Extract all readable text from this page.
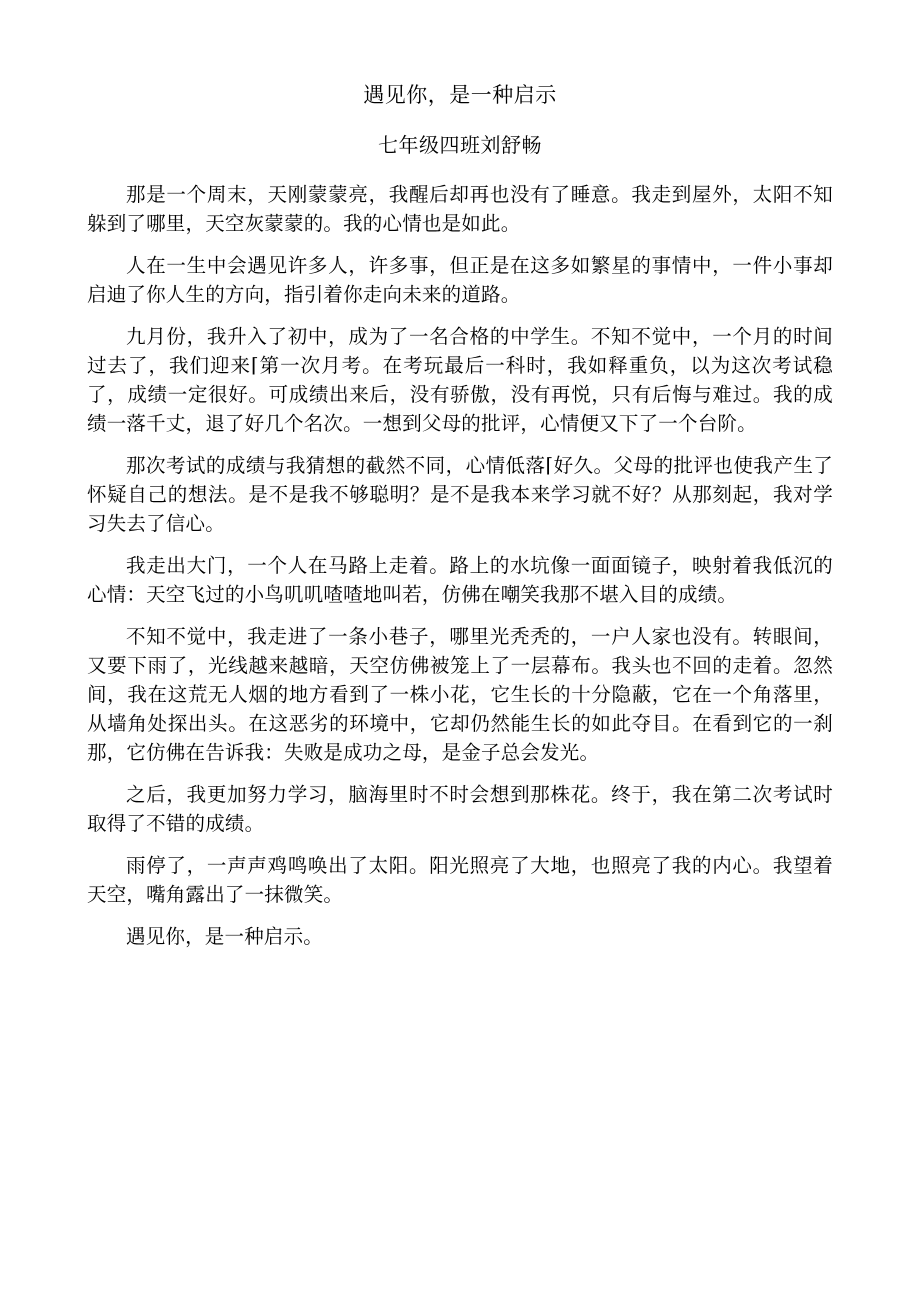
遇见你，是一种启示
七年级四班刘舒畅

那是一个周末，天刚蒙蒙亮，我醒后却再也没有了睡意。我走到屋外，太阳不知躲到了哪里，天空灰蒙蒙的。我的心情也是如此。

人在一生中会遇见许多人，许多事，但正是在这多如繁星的事情中，一件小事却启迪了你人生的方向，指引着你走向未来的道路。

九月份，我升入了初中，成为了一名合格的中学生。不知不觉中，一个月的时间过去了，我们迎来⌈第一次月考。在考玩最后一科时，我如释重负，以为这次考试稳了，成绩一定很好。可成绩出来后，没有骄傲，没有再悦，只有后悔与难过。我的成绩一落千丈，退了好几个名次。一想到父母的批评，心情便又下了一个台阶。

那次考试的成绩与我猜想的截然不同，心情低落⌈好久。父母的批评也使我产生了怀疑自己的想法。是不是我不够聪明？是不是我本来学习就不好？从那刻起，我对学习失去了信心。

我走出大门，一个人在马路上走着。路上的水坑像一面面镜子，映射着我低沉的心情：天空飞过的小鸟叽叽喳喳地叫若，仿佛在嘲笑我那不堪入目的成绩。

不知不觉中，我走进了一条小巷子，哪里光秃秃的，一户人家也没有。转眼间，又要下雨了，光线越来越暗，天空仿佛被笼上了一层幕布。我头也不回的走着。忽然间，我在这荒无人烟的地方看到了一株小花，它生长的十分隐蔽，它在一个角落里，从墙角处探出头。在这恶劣的环境中，它却仍然能生长的如此夺目。在看到它的一刹那，它仿佛在告诉我：失败是成功之母，是金子总会发光。

之后，我更加努力学习，脑海里时不时会想到那株花。终于，我在第二次考试时取得了不错的成绩。

雨停了，一声声鸡鸣唤出了太阳。阳光照亮了大地，也照亮了我的内心。我望着天空，嘴角露出了一抹微笑。

遇见你，是一种启示。
